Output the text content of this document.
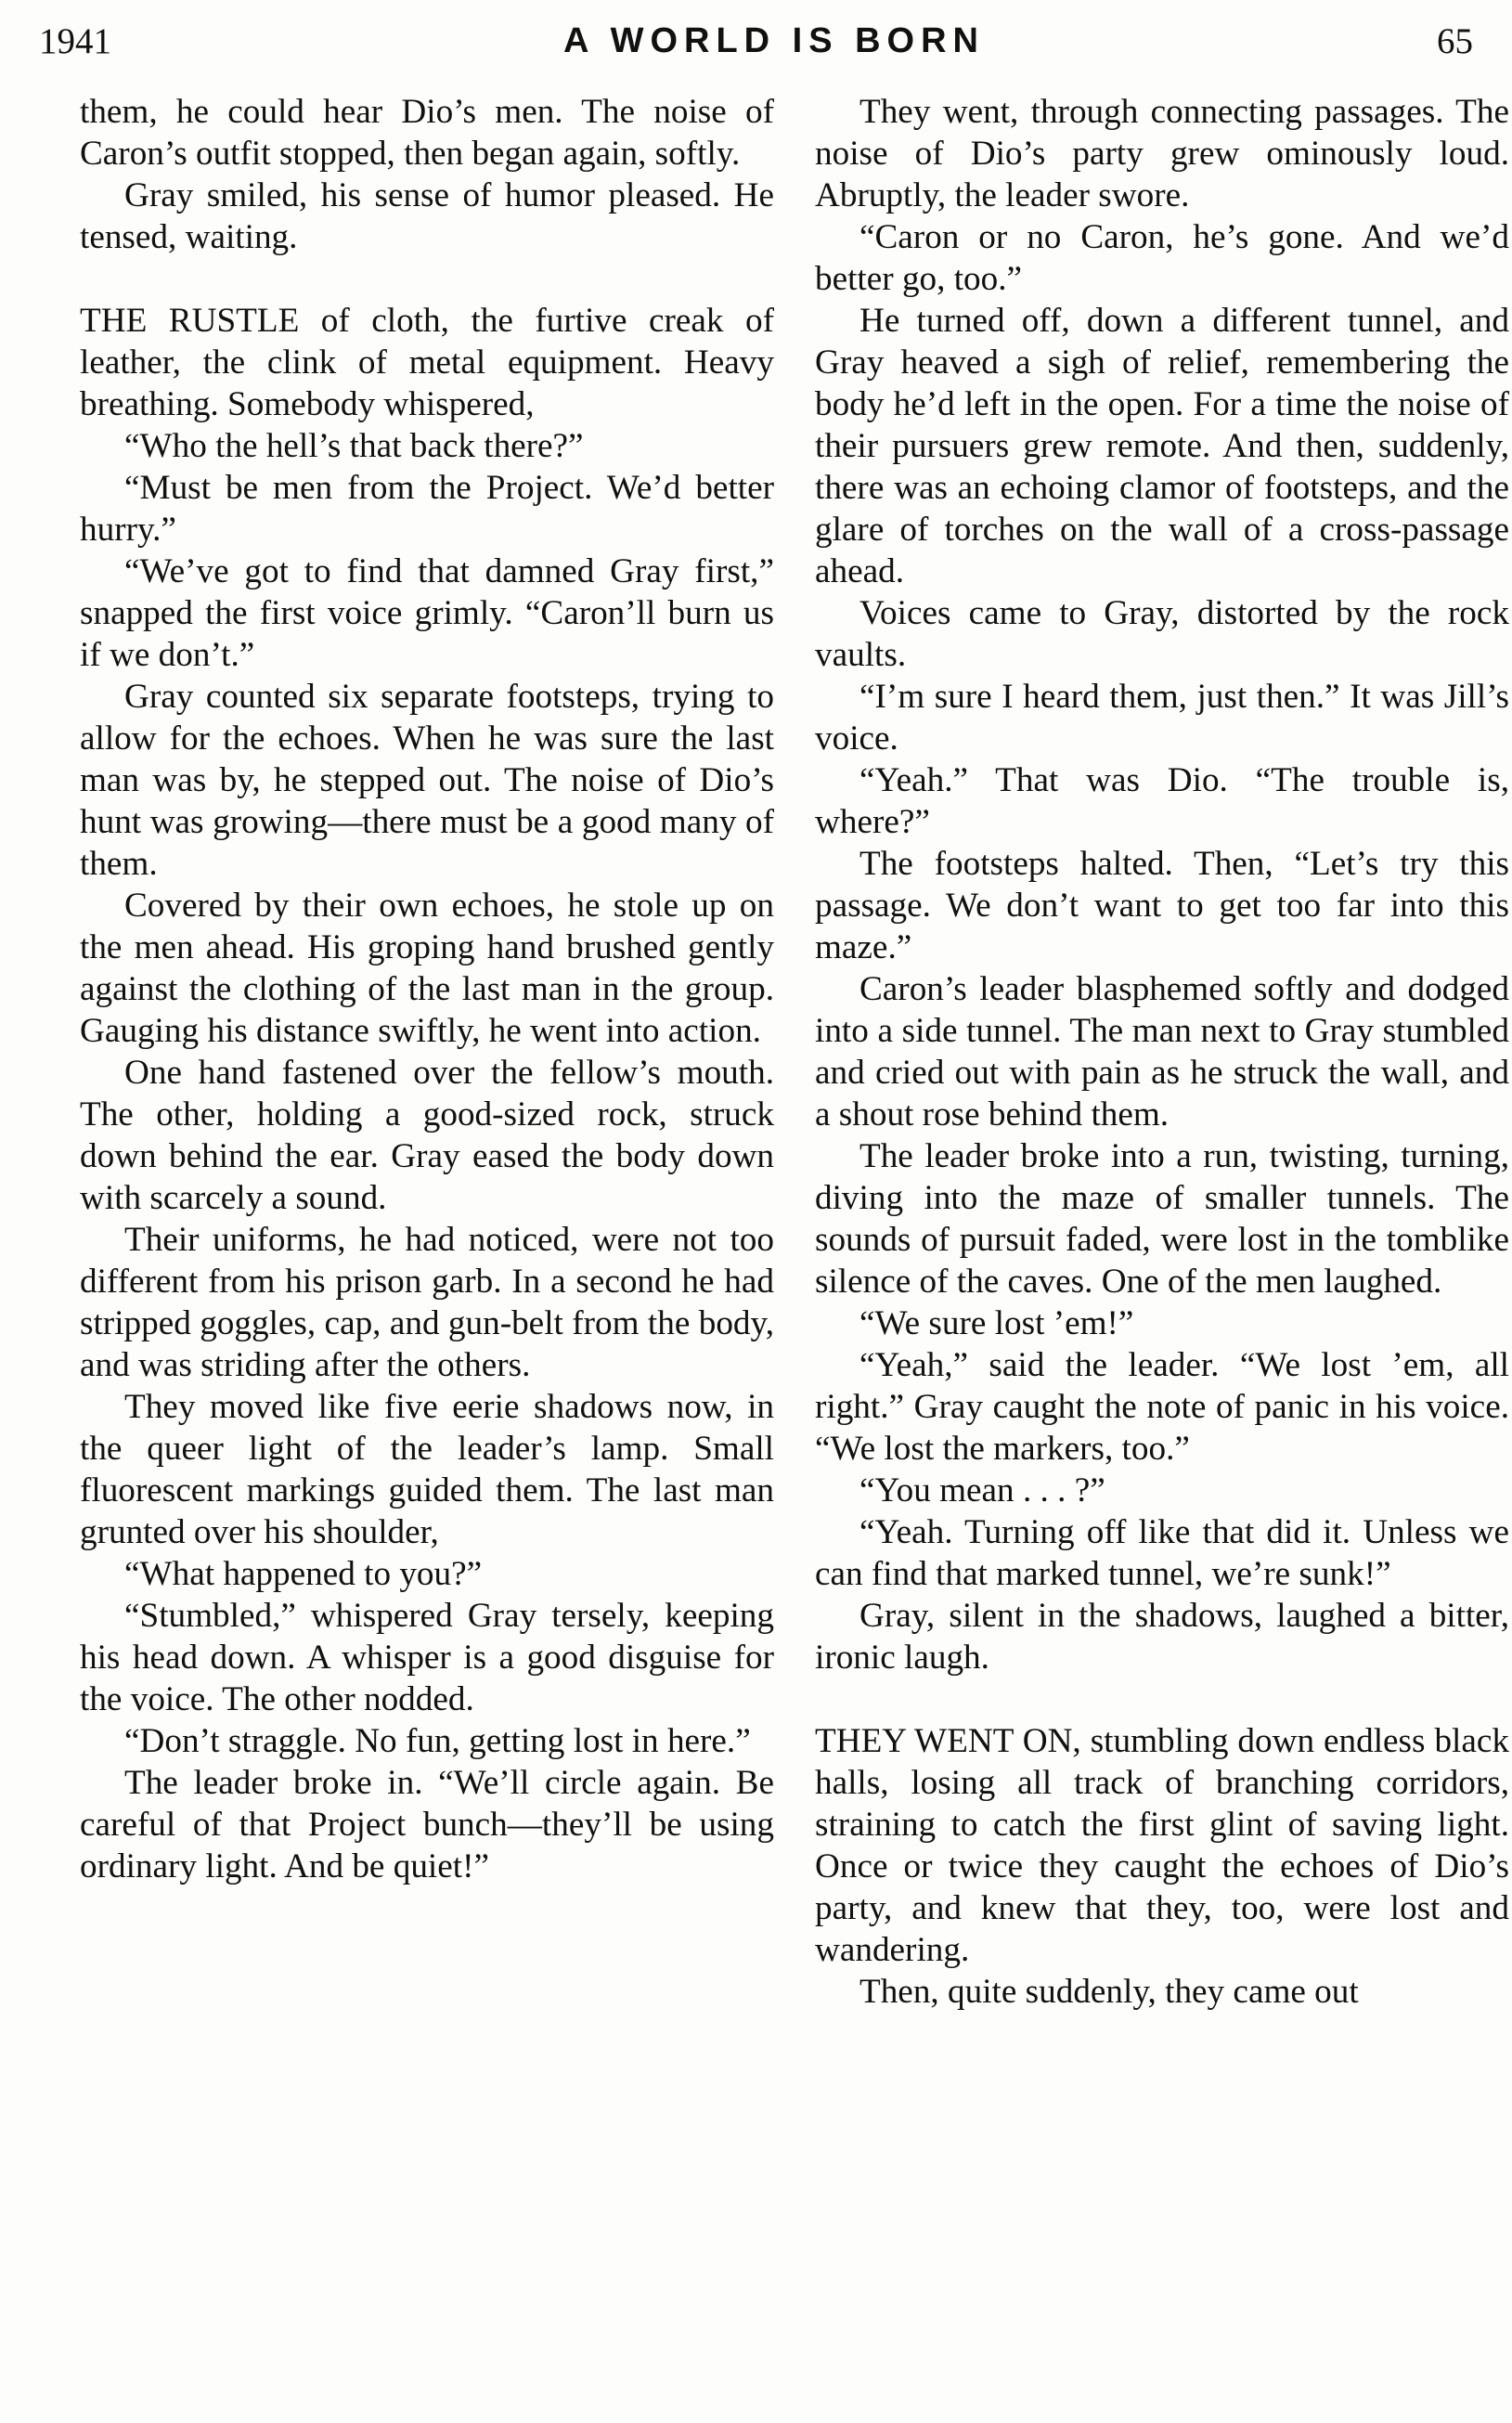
1941	A WORLD IS BORN	65

them, he could hear Dio’s men. The noise of Caron’s outfit stopped, then began again, softly.

Gray smiled, his sense of humor pleased. He tensed, waiting.

THE RUSTLE of cloth, the furtive creak of leather, the clink of metal equipment. Heavy breathing. Somebody whispered,

“Who the hell’s that back there?”

“Must be men from the Project. We’d better hurry.”

“We’ve got to find that damned Gray first,” snapped the first voice grimly. “Caron’ll burn us if we don’t.”

Gray counted six separate footsteps, trying to allow for the echoes. When he was sure the last man was by, he stepped out. The noise of Dio’s hunt was growing—there must be a good many of them.

Covered by their own echoes, he stole up on the men ahead. His groping hand brushed gently against the clothing of the last man in the group. Gauging his distance swiftly, he went into action.

One hand fastened over the fellow’s mouth. The other, holding a good-sized rock, struck down behind the ear. Gray eased the body down with scarcely a sound.

Their uniforms, he had noticed, were not too different from his prison garb. In a second he had stripped goggles, cap, and gun-belt from the body, and was striding after the others.

They moved like five eerie shadows now, in the queer light of the leader’s lamp. Small fluorescent markings guided them. The last man grunted over his shoulder,

“What happened to you?”

“Stumbled,” whispered Gray tersely, keeping his head down. A whisper is a good disguise for the voice. The other nodded.

“Don’t straggle. No fun, getting lost in here.”

The leader broke in. “We’ll circle again. Be careful of that Project bunch—they’ll be using ordinary light. And be quiet!”

They went, through connecting passages. The noise of Dio’s party grew ominously loud. Abruptly, the leader swore.

“Caron or no Caron, he’s gone. And we’d better go, too.”

He turned off, down a different tunnel, and Gray heaved a sigh of relief, remembering the body he’d left in the open. For a time the noise of their pursuers grew remote. And then, suddenly, there was an echoing clamor of footsteps, and the glare of torches on the wall of a cross-passage ahead.

Voices came to Gray, distorted by the rock vaults.

“I’m sure I heard them, just then.” It was Jill’s voice.

“Yeah.” That was Dio. “The trouble is, where?”

The footsteps halted. Then, “Let’s try this passage. We don’t want to get too far into this maze.”

Caron’s leader blasphemed softly and dodged into a side tunnel. The man next to Gray stumbled and cried out with pain as he struck the wall, and a shout rose behind them.

The leader broke into a run, twisting, turning, diving into the maze of smaller tunnels. The sounds of pursuit faded, were lost in the tomblike silence of the caves. One of the men laughed.

“We sure lost ’em!”

“Yeah,” said the leader. “We lost ’em, all right.” Gray caught the note of panic in his voice. “We lost the markers, too.”

“You mean . . . ?”

“Yeah. Turning off like that did it. Unless we can find that marked tunnel, we’re sunk!”

Gray, silent in the shadows, laughed a bitter, ironic laugh.

THEY WENT ON, stumbling down endless black halls, losing all track of branching corridors, straining to catch the first glint of saving light. Once or twice they caught the echoes of Dio’s party, and knew that they, too, were lost and wandering.

Then, quite suddenly, they came out
